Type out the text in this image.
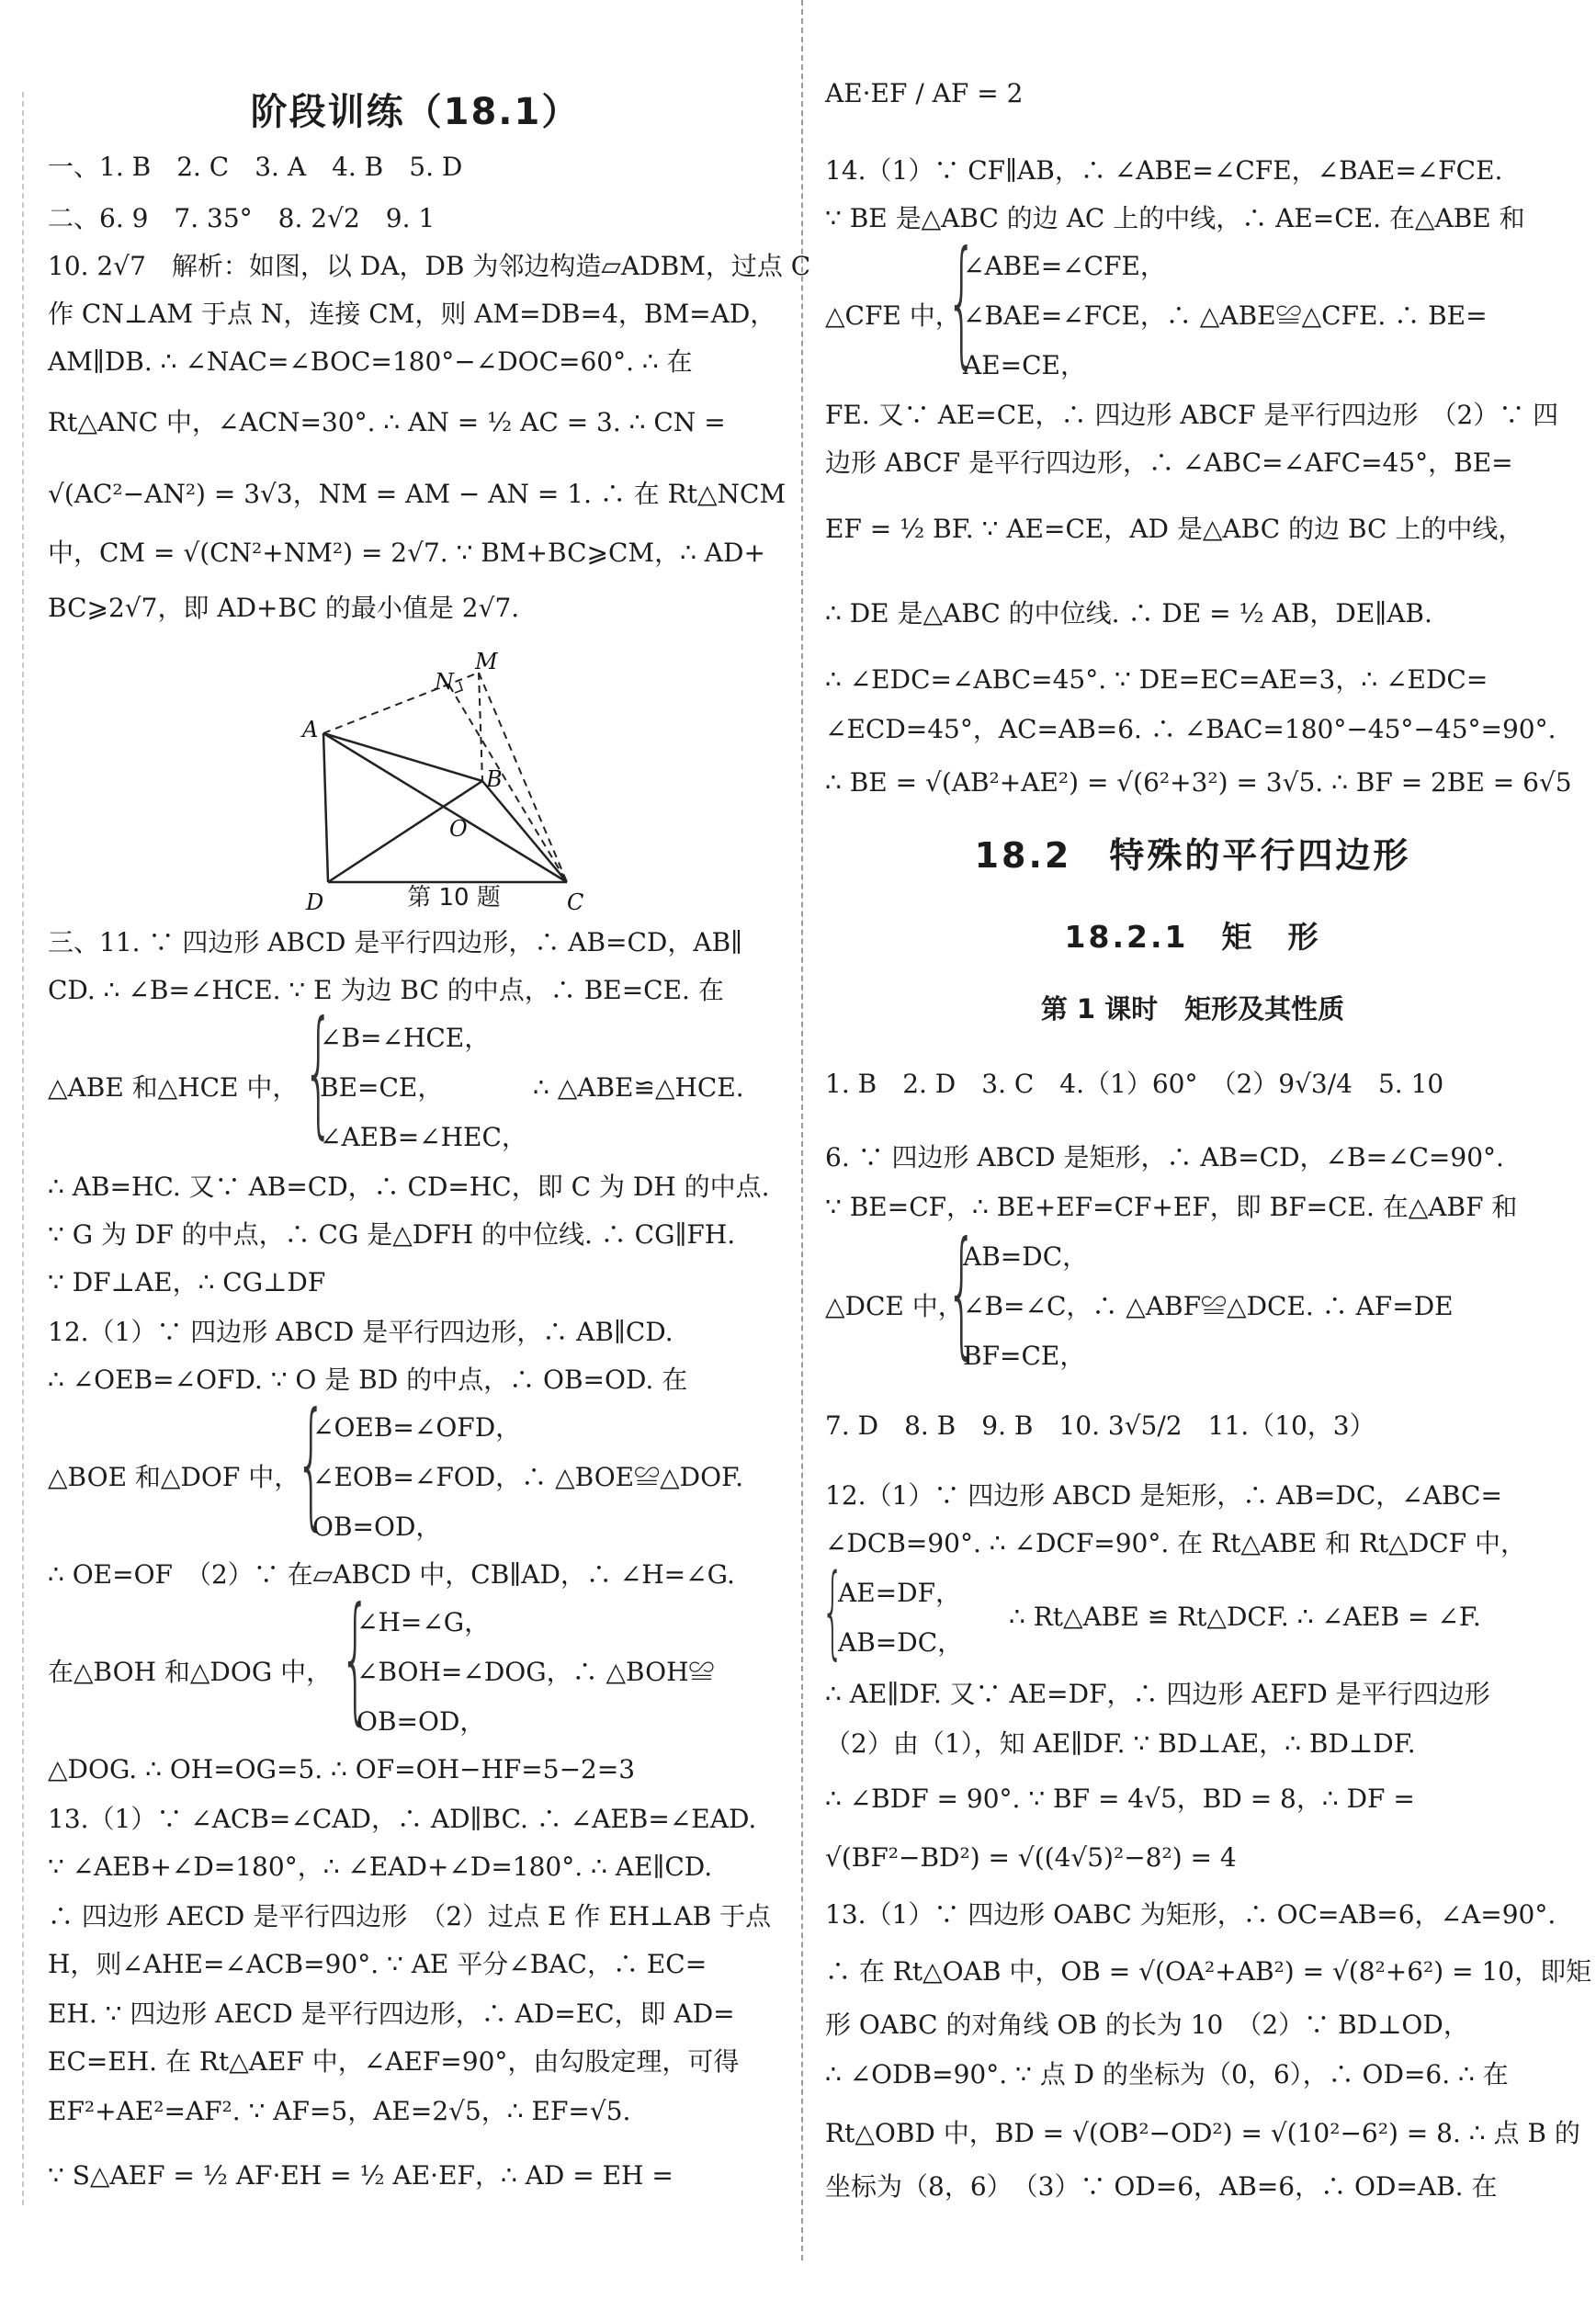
阶段训练（18.1）
一、1. B　2. C　3. A　4. B　5. D
二、6. 9　7. 35°　8. 2√2　9. 1
10. 2√7　解析：如图，以 DA，DB 为邻边构造▱ADBM，过点 C
作 CN⊥AM 于点 N，连接 CM，则 AM=DB=4，BM=AD，
AM∥DB. ∴ ∠NAC=∠BOC=180°−∠DOC=60°. ∴ 在
Rt△ANC 中，∠ACN=30°. ∴ AN = ½ AC = 3. ∴ CN =
√(AC²−AN²) = 3√3，NM = AM − AN = 1. ∴ 在 Rt△NCM
中，CM = √(CN²+NM²) = 2√7. ∵ BM+BC⩾CM，∴ AD+
BC⩾2√7，即 AD+BC 的最小值是 2√7.
M
N
A
B
O
D	C
第 10 题
三、11. ∵ 四边形 ABCD 是平行四边形，∴ AB=CD，AB∥
CD. ∴ ∠B=∠HCE. ∵ E 为边 BC 的中点，∴ BE=CE. 在
{
∠B=∠HCE，
△ABE 和△HCE 中， BE=CE，	∴ △ABE≌△HCE.
∠AEB=∠HEC，
∴ AB=HC. 又∵ AB=CD，∴ CD=HC，即 C 为 DH 的中点.
∵ G 为 DF 的中点，∴ CG 是△DFH 的中位线. ∴ CG∥FH.
∵ DF⊥AE，∴ CG⊥DF
12.（1）∵ 四边形 ABCD 是平行四边形，∴ AB∥CD.
∴ ∠OEB=∠OFD. ∵ O 是 BD 的中点，∴ OB=OD. 在
{
∠OEB=∠OFD，
△BOE 和△DOF 中， ∠EOB=∠FOD，∴ △BOE≌△DOF.
OB=OD，
∴ OE=OF　（2）∵ 在▱ABCD 中，CB∥AD，∴ ∠H=∠G.
{
∠H=∠G，
在△BOH 和△DOG 中， ∠BOH=∠DOG，∴ △BOH≌
OB=OD，
△DOG. ∴ OH=OG=5. ∴ OF=OH−HF=5−2=3
13.（1）∵ ∠ACB=∠CAD，∴ AD∥BC. ∴ ∠AEB=∠EAD.
∵ ∠AEB+∠D=180°，∴ ∠EAD+∠D=180°. ∴ AE∥CD.
∴ 四边形 AECD 是平行四边形　（2）过点 E 作 EH⊥AB 于点
H，则∠AHE=∠ACB=90°. ∵ AE 平分∠BAC，∴ EC=
EH. ∵ 四边形 AECD 是平行四边形，∴ AD=EC，即 AD=
EC=EH. 在 Rt△AEF 中，∠AEF=90°，由勾股定理，可得
EF²+AE²=AF². ∵ AF=5，AE=2√5，∴ EF=√5.
∵ S△AEF = ½ AF·EH = ½ AE·EF，∴ AD = EH =
AE·EF / AF = 2
14.（1）∵ CF∥AB，∴ ∠ABE=∠CFE，∠BAE=∠FCE.
∵ BE 是△ABC 的边 AC 上的中线，∴ AE=CE. 在△ABE 和
{
∠ABE=∠CFE，
△CFE 中， ∠BAE=∠FCE，∴ △ABE≌△CFE. ∴ BE=
AE=CE，
FE. 又∵ AE=CE，∴ 四边形 ABCF 是平行四边形　（2）∵ 四
边形 ABCF 是平行四边形，∴ ∠ABC=∠AFC=45°，BE=
EF = ½ BF. ∵ AE=CE，AD 是△ABC 的边 BC 上的中线，
∴ DE 是△ABC 的中位线. ∴ DE = ½ AB，DE∥AB.
∴ ∠EDC=∠ABC=45°. ∵ DE=EC=AE=3，∴ ∠EDC=
∠ECD=45°，AC=AB=6. ∴ ∠BAC=180°−45°−45°=90°.
∴ BE = √(AB²+AE²) = √(6²+3²) = 3√5. ∴ BF = 2BE = 6√5
18.2　特殊的平行四边形
18.2.1　矩　形
第 1 课时　矩形及其性质
1. B　2. D　3. C　4.（1）60°　（2）9√3/4　5. 10
6. ∵ 四边形 ABCD 是矩形，∴ AB=CD，∠B=∠C=90°.
∵ BE=CF，∴ BE+EF=CF+EF，即 BF=CE. 在△ABF 和
{
AB=DC，
△DCE 中， ∠B=∠C，∴ △ABF≌△DCE. ∴ AF=DE
BF=CE，
7. D　8. B　9. B　10. 3√5/2　11.（10，3）
12.（1）∵ 四边形 ABCD 是矩形，∴ AB=DC，∠ABC=
∠DCB=90°. ∴ ∠DCF=90°. 在 Rt△ABE 和 Rt△DCF 中，
{
AE=DF，
∴ Rt△ABE ≌ Rt△DCF. ∴ ∠AEB = ∠F.
AB=DC，
∴ AE∥DF. 又∵ AE=DF，∴ 四边形 AEFD 是平行四边形
（2）由（1），知 AE∥DF. ∵ BD⊥AE，∴ BD⊥DF.
∴ ∠BDF = 90°. ∵ BF = 4√5，BD = 8，∴ DF =
√(BF²−BD²) = √((4√5)²−8²) = 4
13.（1）∵ 四边形 OABC 为矩形，∴ OC=AB=6，∠A=90°.
∴ 在 Rt△OAB 中，OB = √(OA²+AB²) = √(8²+6²) = 10，即矩
形 OABC 的对角线 OB 的长为 10　（2）∵ BD⊥OD，
∴ ∠ODB=90°. ∵ 点 D 的坐标为（0，6），∴ OD=6. ∴ 在
Rt△OBD 中，BD = √(OB²−OD²) = √(10²−6²) = 8. ∴ 点 B 的
坐标为（8，6）　（3）∵ OD=6，AB=6，∴ OD=AB. 在
